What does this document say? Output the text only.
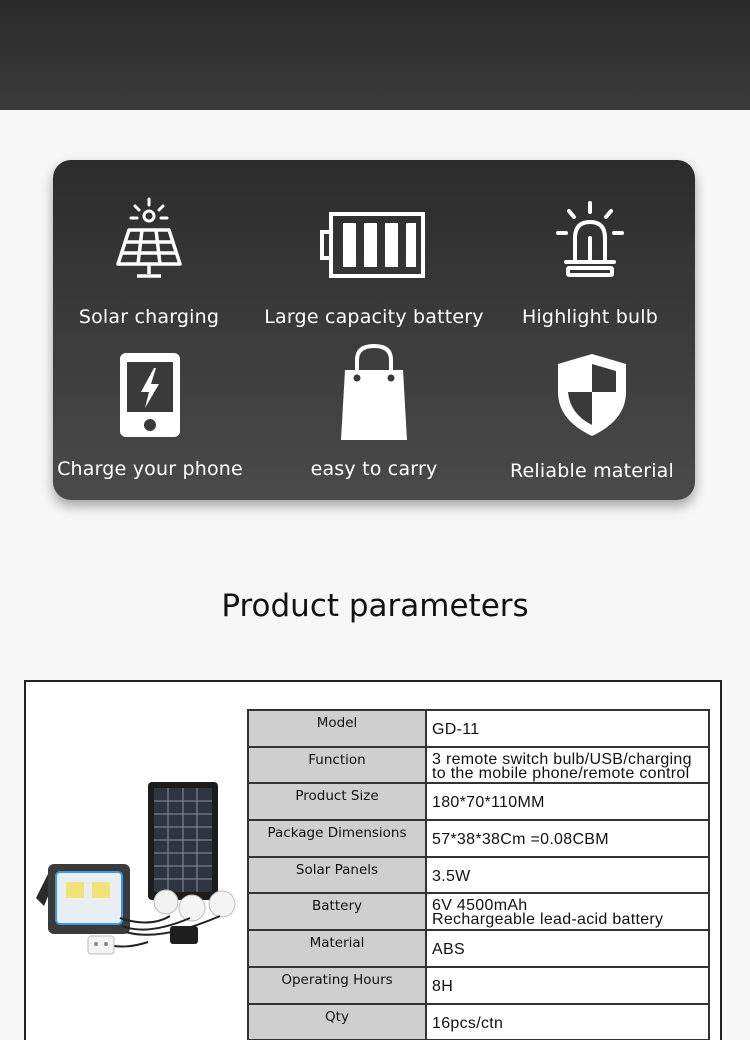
Solar charging Large capacity battery Highlight bulb
Charge your phone	easy to carry	Reliable material
Product parameters
Model	GD-11
Function	3 remote switch bulb/USB/charging
to the mobile phone/remote control

Product Size	180*70*110MM
Package Dimensions	57*38*38Cm =0.08CBM
Solar Panels	3.5W
Battery	6V 4500mAh
Rechargeable lead-acid battery

Material	ABS
Operating Hours	8H
Qty	16pcs/ctn
